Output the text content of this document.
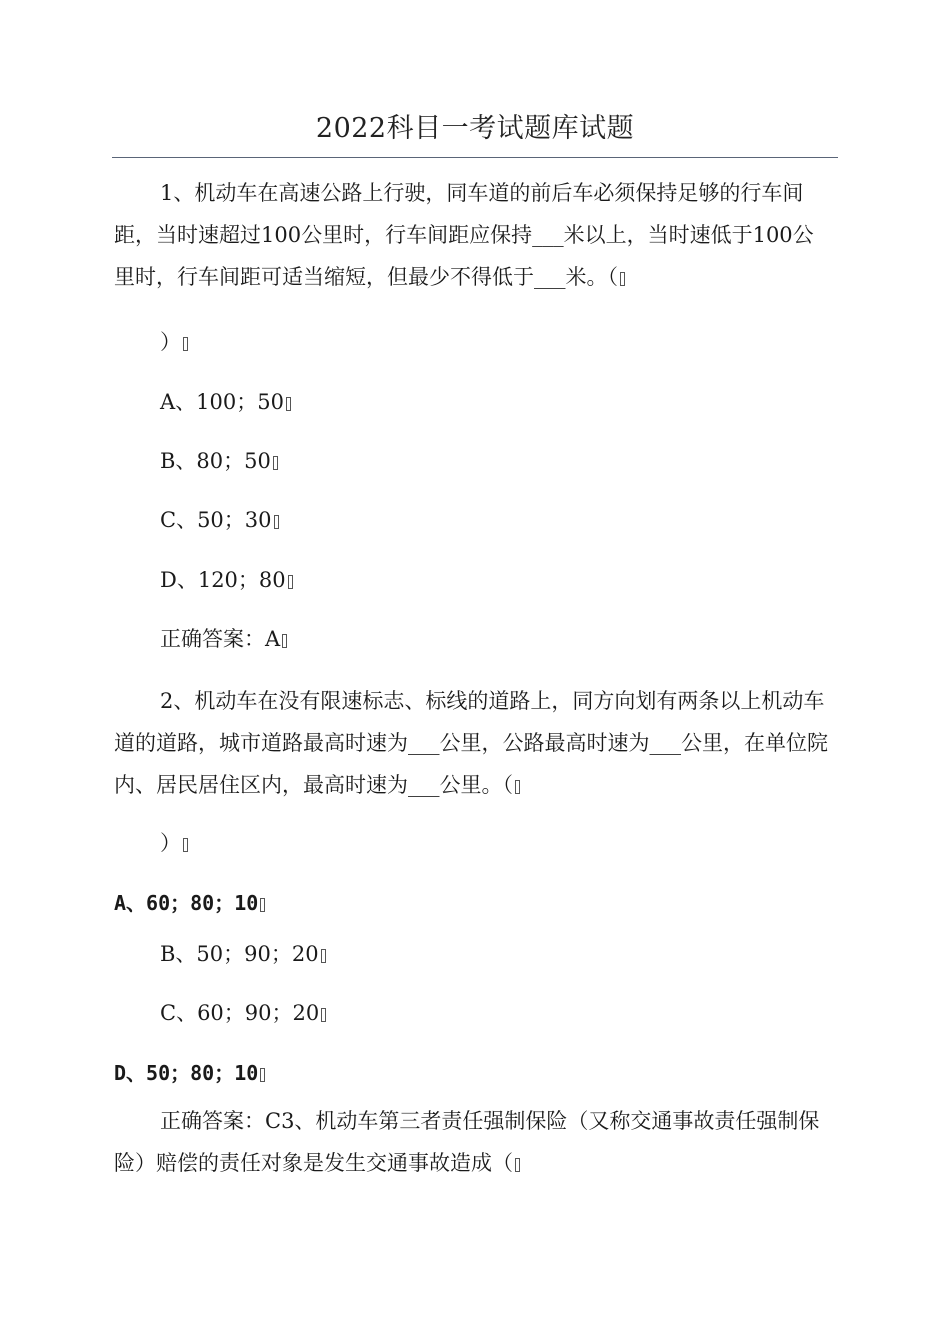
2022科目一考试题库试题
1、机动车在高速公路上行驶，同车道的前后车必须保持足够的行车间距，当时速超过100公里时，行车间距应保持___米以上，当时速低于100公里时，行车间距可适当缩短，但最少不得低于___米。（
）
A、100；50
B、80；50
C、50；30
D、120；80
正确答案：A
2、机动车在没有限速标志、标线的道路上，同方向划有两条以上机动车道的道路，城市道路最高时速为___公里，公路最高时速为___公里，在单位院内、居民居住区内，最高时速为___公里。（
）
A、60；80；10
B、50；90；20
C、60；90；20
D、50；80；10
正确答案：C3、机动车第三者责任强制保险（又称交通事故责任强制保险）赔偿的责任对象是发生交通事故造成（
